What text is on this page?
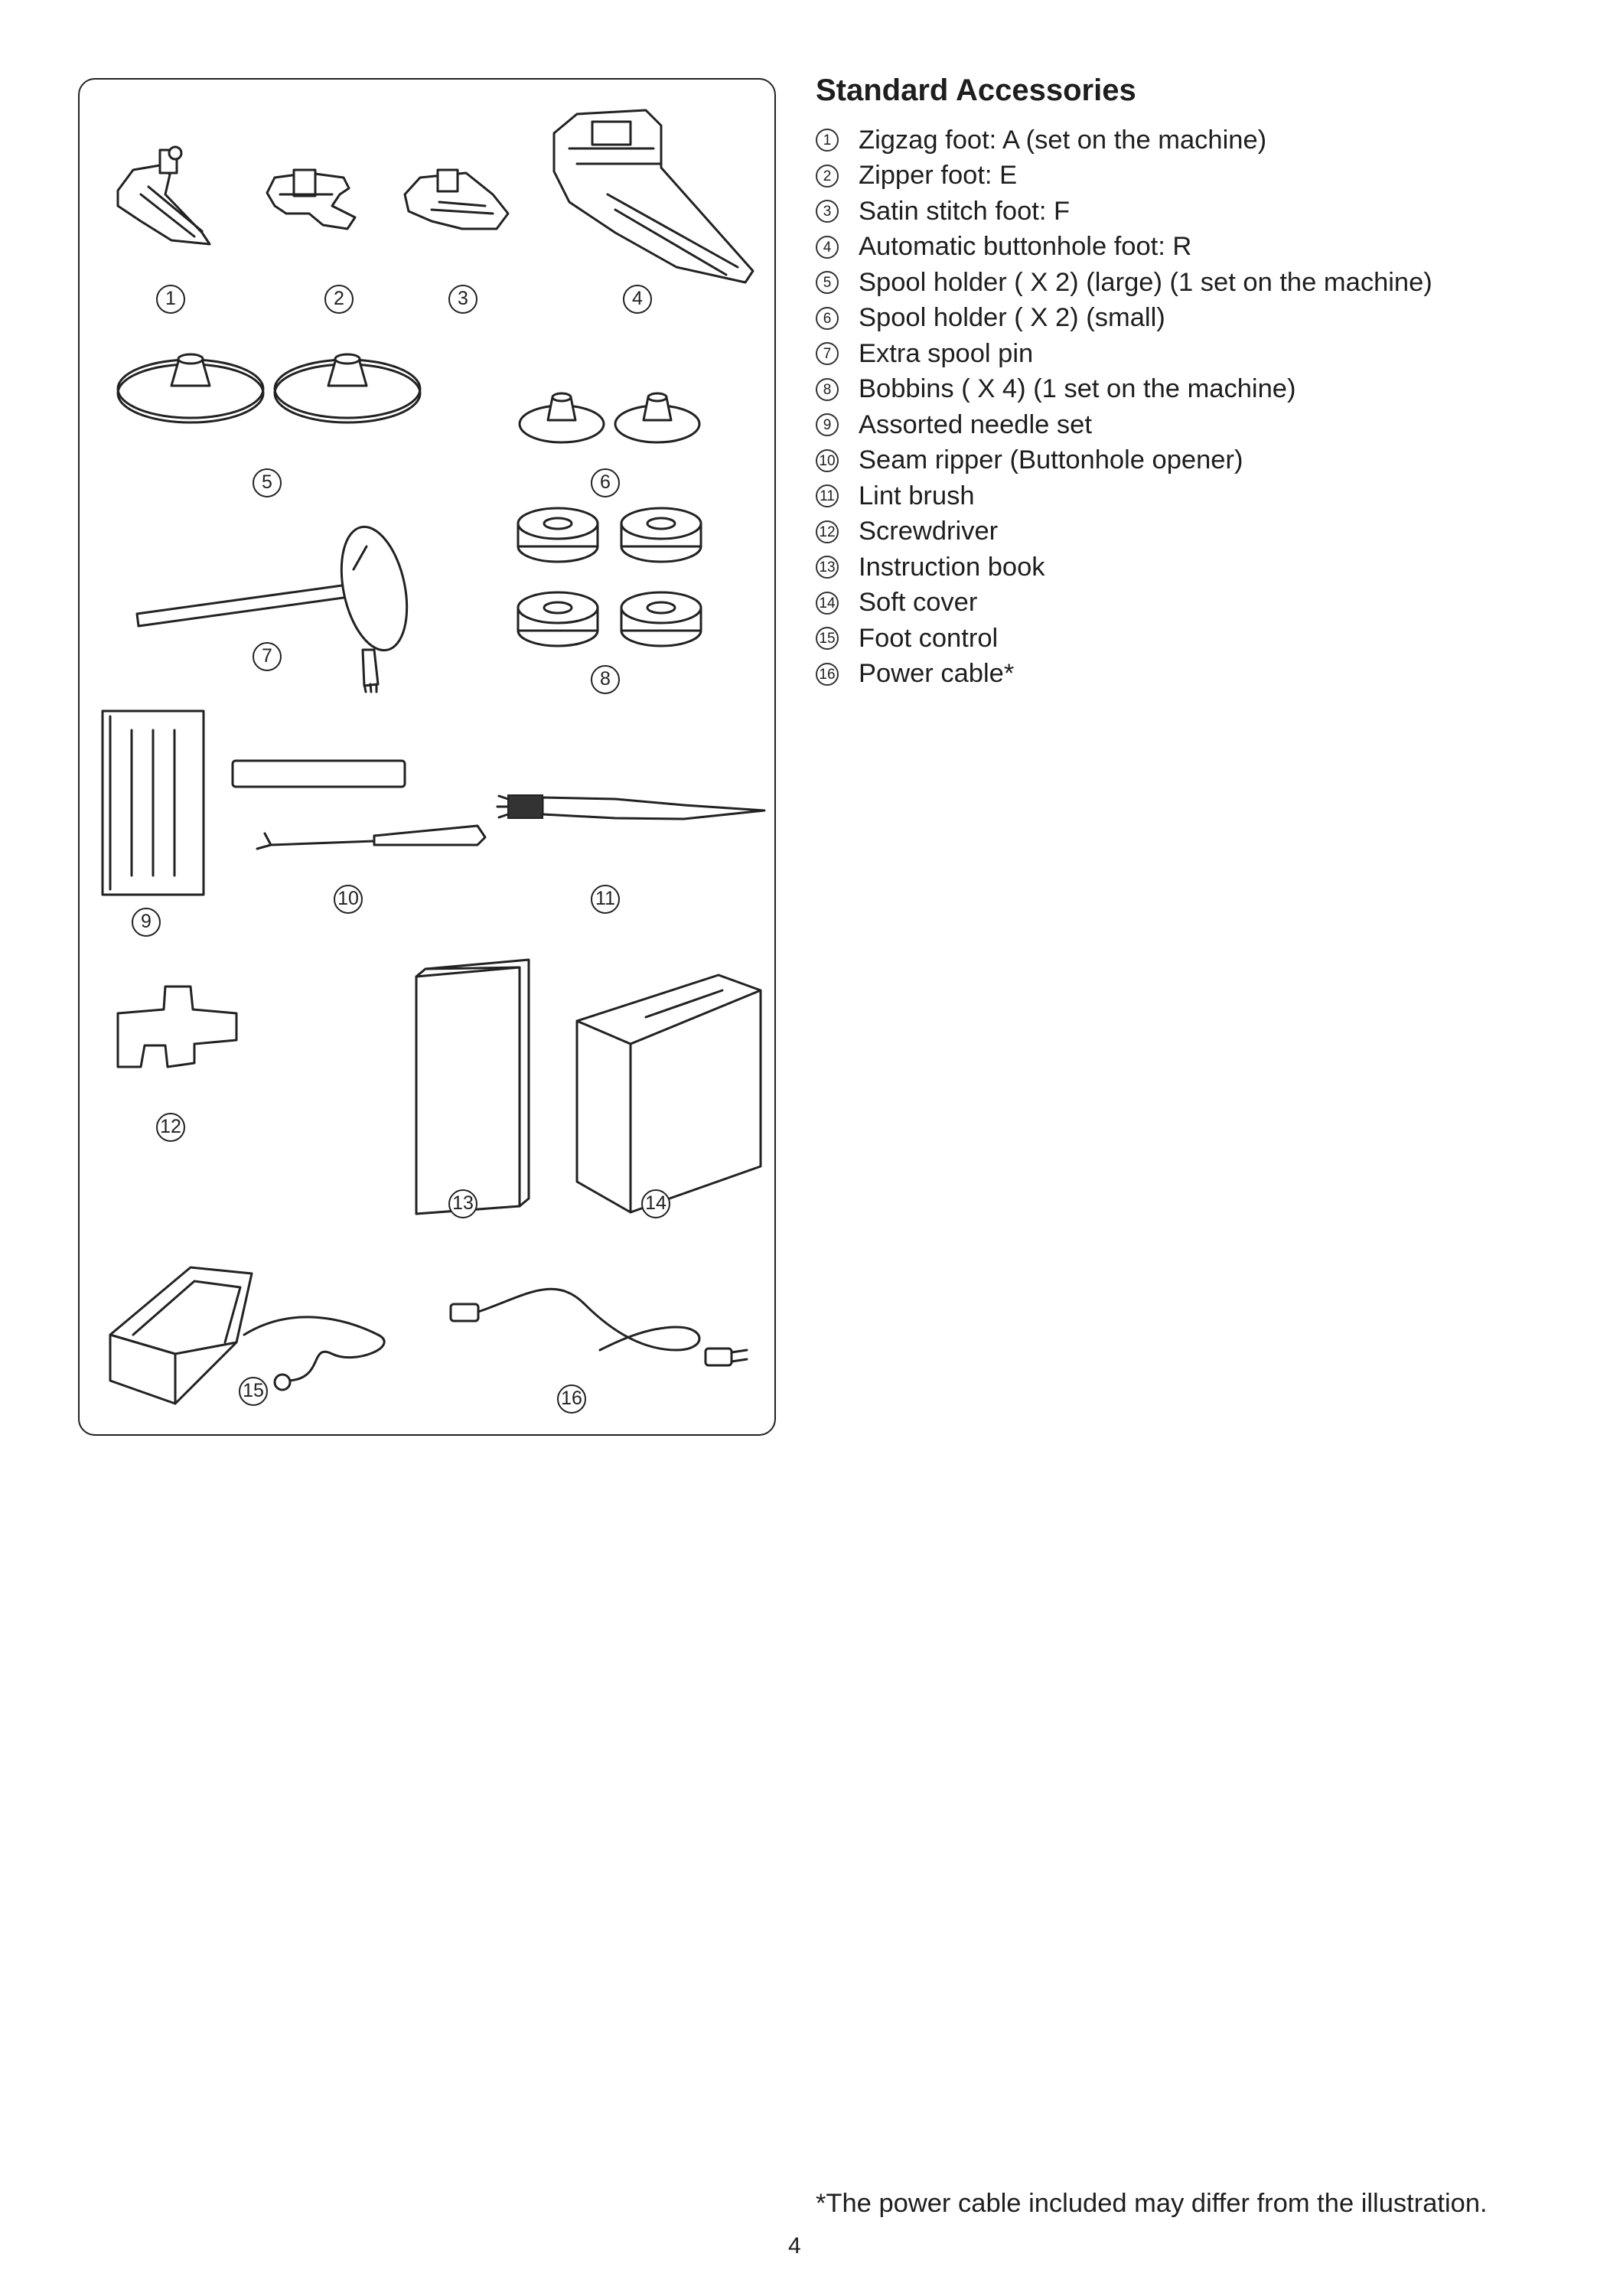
1	2	3	4
5	6
7
8
9
10	11
12
13	14
15	16
Standard Accessories
1 Zigzag foot: A (set on the machine)
2 Zipper foot: E
3 Satin stitch foot: F
4 Automatic buttonhole foot: R
5 Spool holder ( X 2) (large) (1 set on the machine)
6 Spool holder ( X 2) (small)
7 Extra spool pin
8 Bobbins ( X 4) (1 set on the machine)
9 Assorted needle set
10 Seam ripper (Buttonhole opener)
11 Lint brush
12 Screwdriver
13 Instruction book
14 Soft cover
15 Foot control
16 Power cable*
*The power cable included may differ from the illustration.
4
